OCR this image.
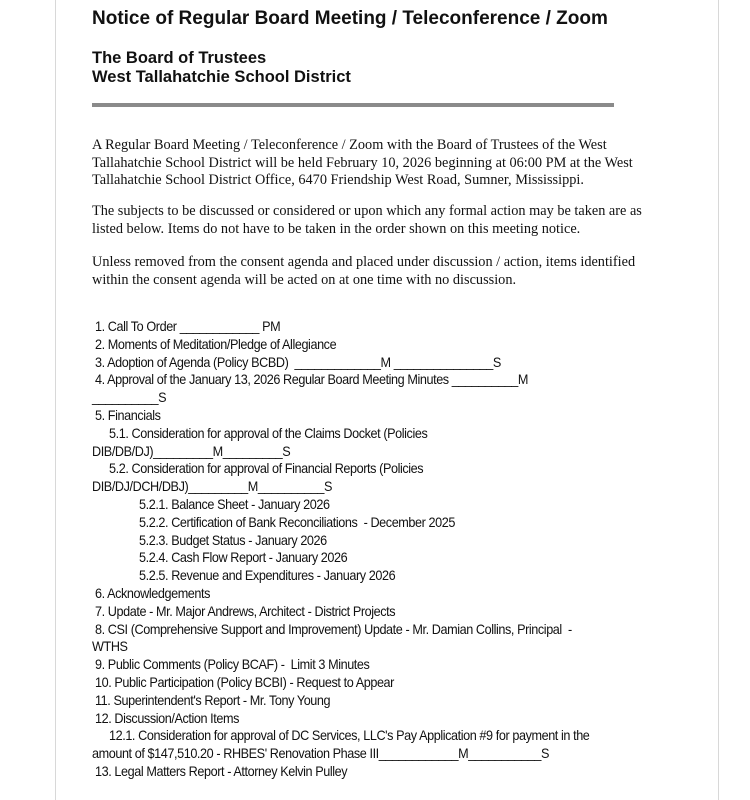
Notice of Regular Board Meeting / Teleconference / Zoom
The Board of Trustees
West Tallahatchie School District
A Regular Board Meeting / Teleconference / Zoom with the Board of Trustees of the West
Tallahatchie School District will be held February 10, 2026 beginning at 06:00 PM at the West
Tallahatchie School District Office, 6470 Friendship West Road, Sumner, Mississippi.
The subjects to be discussed or considered or upon which any formal action may be taken are as
listed below. Items do not have to be taken in the order shown on this meeting notice.
Unless removed from the consent agenda and placed under discussion / action, items identified
within the consent agenda will be acted on at one time with no discussion.
1. Call To Order ____________ PM
2. Moments of Meditation/Pledge of Allegiance
3. Adoption of Agenda (Policy BCBD)  _____________M _______________S
4. Approval of the January 13, 2026 Regular Board Meeting Minutes __________M
__________S
5. Financials
5.1. Consideration for approval of the Claims Docket (Policies
DIB/DB/DJ)_________M_________S
5.2. Consideration for approval of Financial Reports (Policies
DIB/DJ/DCH/DBJ)_________M__________S
5.2.1. Balance Sheet - January 2026
5.2.2. Certification of Bank Reconciliations  - December 2025
5.2.3. Budget Status - January 2026
5.2.4. Cash Flow Report - January 2026
5.2.5. Revenue and Expenditures - January 2026
6. Acknowledgements
7. Update - Mr. Major Andrews, Architect - District Projects
8. CSI (Comprehensive Support and Improvement) Update - Mr. Damian Collins, Principal  -
WTHS
9. Public Comments (Policy BCAF) -  Limit 3 Minutes
10. Public Participation (Policy BCBI) - Request to Appear
11. Superintendent's Report - Mr. Tony Young
12. Discussion/Action Items
12.1. Consideration for approval of DC Services, LLC's Pay Application #9 for payment in the
amount of $147,510.20 - RHBES' Renovation Phase III____________M___________S
13. Legal Matters Report - Attorney Kelvin Pulley
